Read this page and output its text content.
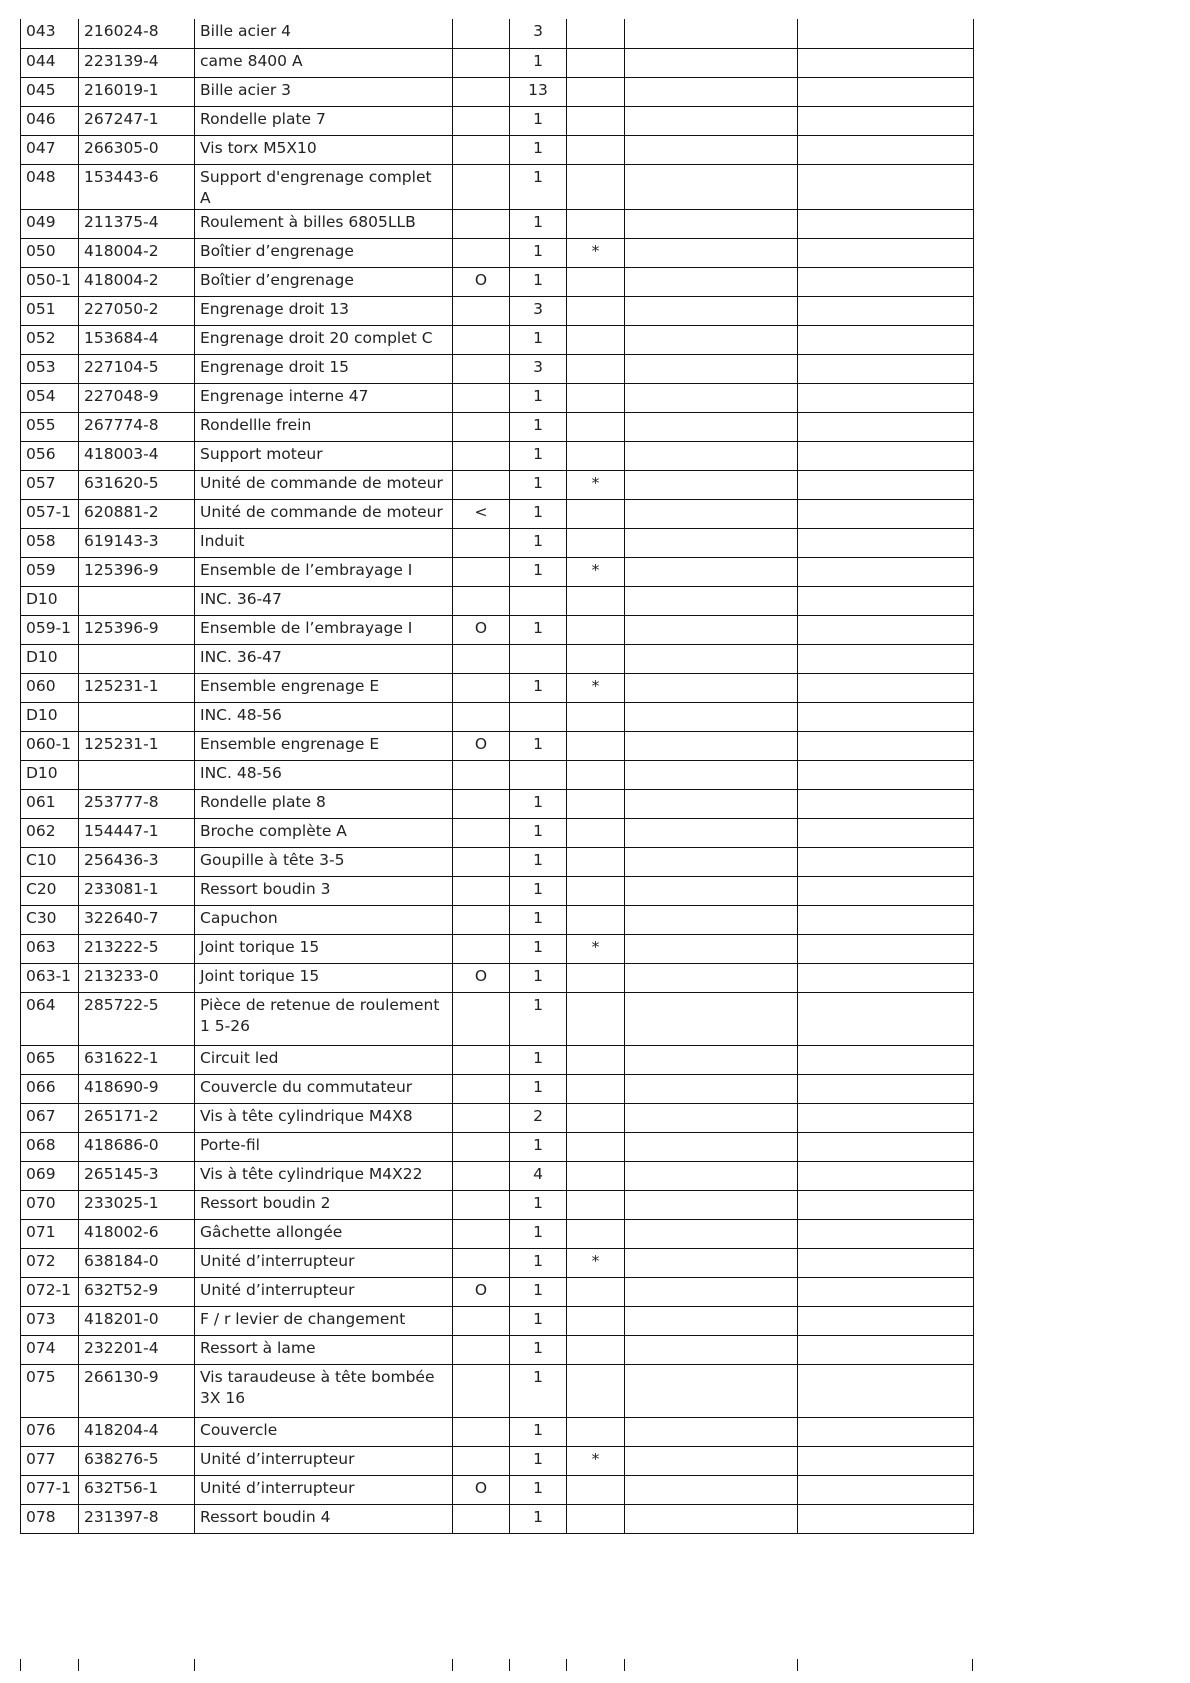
043	216024-8	Bille acier 4		3			
044	223139-4	came 8400 A		1			
045	216019-1	Bille acier 3		13			
046	267247-1	Rondelle plate 7		1			
047	266305-0	Vis torx M5X10		1			
048	153443-6	Support d'engrenage complet A		1			
049	211375-4	Roulement à billes 6805LLB		1			
050	418004-2	Boîtier d’engrenage		1	*		
050-1	418004-2	Boîtier d’engrenage	O	1			
051	227050-2	Engrenage droit 13		3			
052	153684-4	Engrenage droit 20 complet C		1			
053	227104-5	Engrenage droit 15		3			
054	227048-9	Engrenage interne 47		1			
055	267774-8	Rondellle frein		1			
056	418003-4	Support moteur		1			
057	631620-5	Unité de commande de moteur		1	*		
057-1	620881-2	Unité de commande de moteur	<	1			
058	619143-3	Induit		1			
059	125396-9	Ensemble de l’embrayage I		1	*		
D10		INC. 36-47					
059-1	125396-9	Ensemble de l’embrayage I	O	1			
D10		INC. 36-47					
060	125231-1	Ensemble engrenage E		1	*		
D10		INC. 48-56					
060-1	125231-1	Ensemble engrenage E	O	1			
D10		INC. 48-56					
061	253777-8	Rondelle plate 8		1			
062	154447-1	Broche complète A		1			
C10	256436-3	Goupille à tête 3-5		1			
C20	233081-1	Ressort boudin 3		1			
C30	322640-7	Capuchon		1			
063	213222-5	Joint torique 15		1	*		
063-1	213233-0	Joint torique 15	O	1			
064	285722-5	Pièce de retenue de roulement 1 5-26		1			
065	631622-1	Circuit led		1			
066	418690-9	Couvercle du commutateur		1			
067	265171-2	Vis à tête cylindrique M4X8		2			
068	418686-0	Porte-fil		1			
069	265145-3	Vis à tête cylindrique M4X22		4			
070	233025-1	Ressort boudin 2		1			
071	418002-6	Gâchette allongée		1			
072	638184-0	Unité d’interrupteur		1	*		
072-1	632T52-9	Unité d’interrupteur	O	1			
073	418201-0	F / r levier de changement		1			
074	232201-4	Ressort à lame		1			
075	266130-9	Vis taraudeuse à tête bombée 3X 16		1			
076	418204-4	Couvercle		1			
077	638276-5	Unité d’interrupteur		1	*		
077-1	632T56-1	Unité d’interrupteur	O	1			
078	231397-8	Ressort boudin 4		1			
